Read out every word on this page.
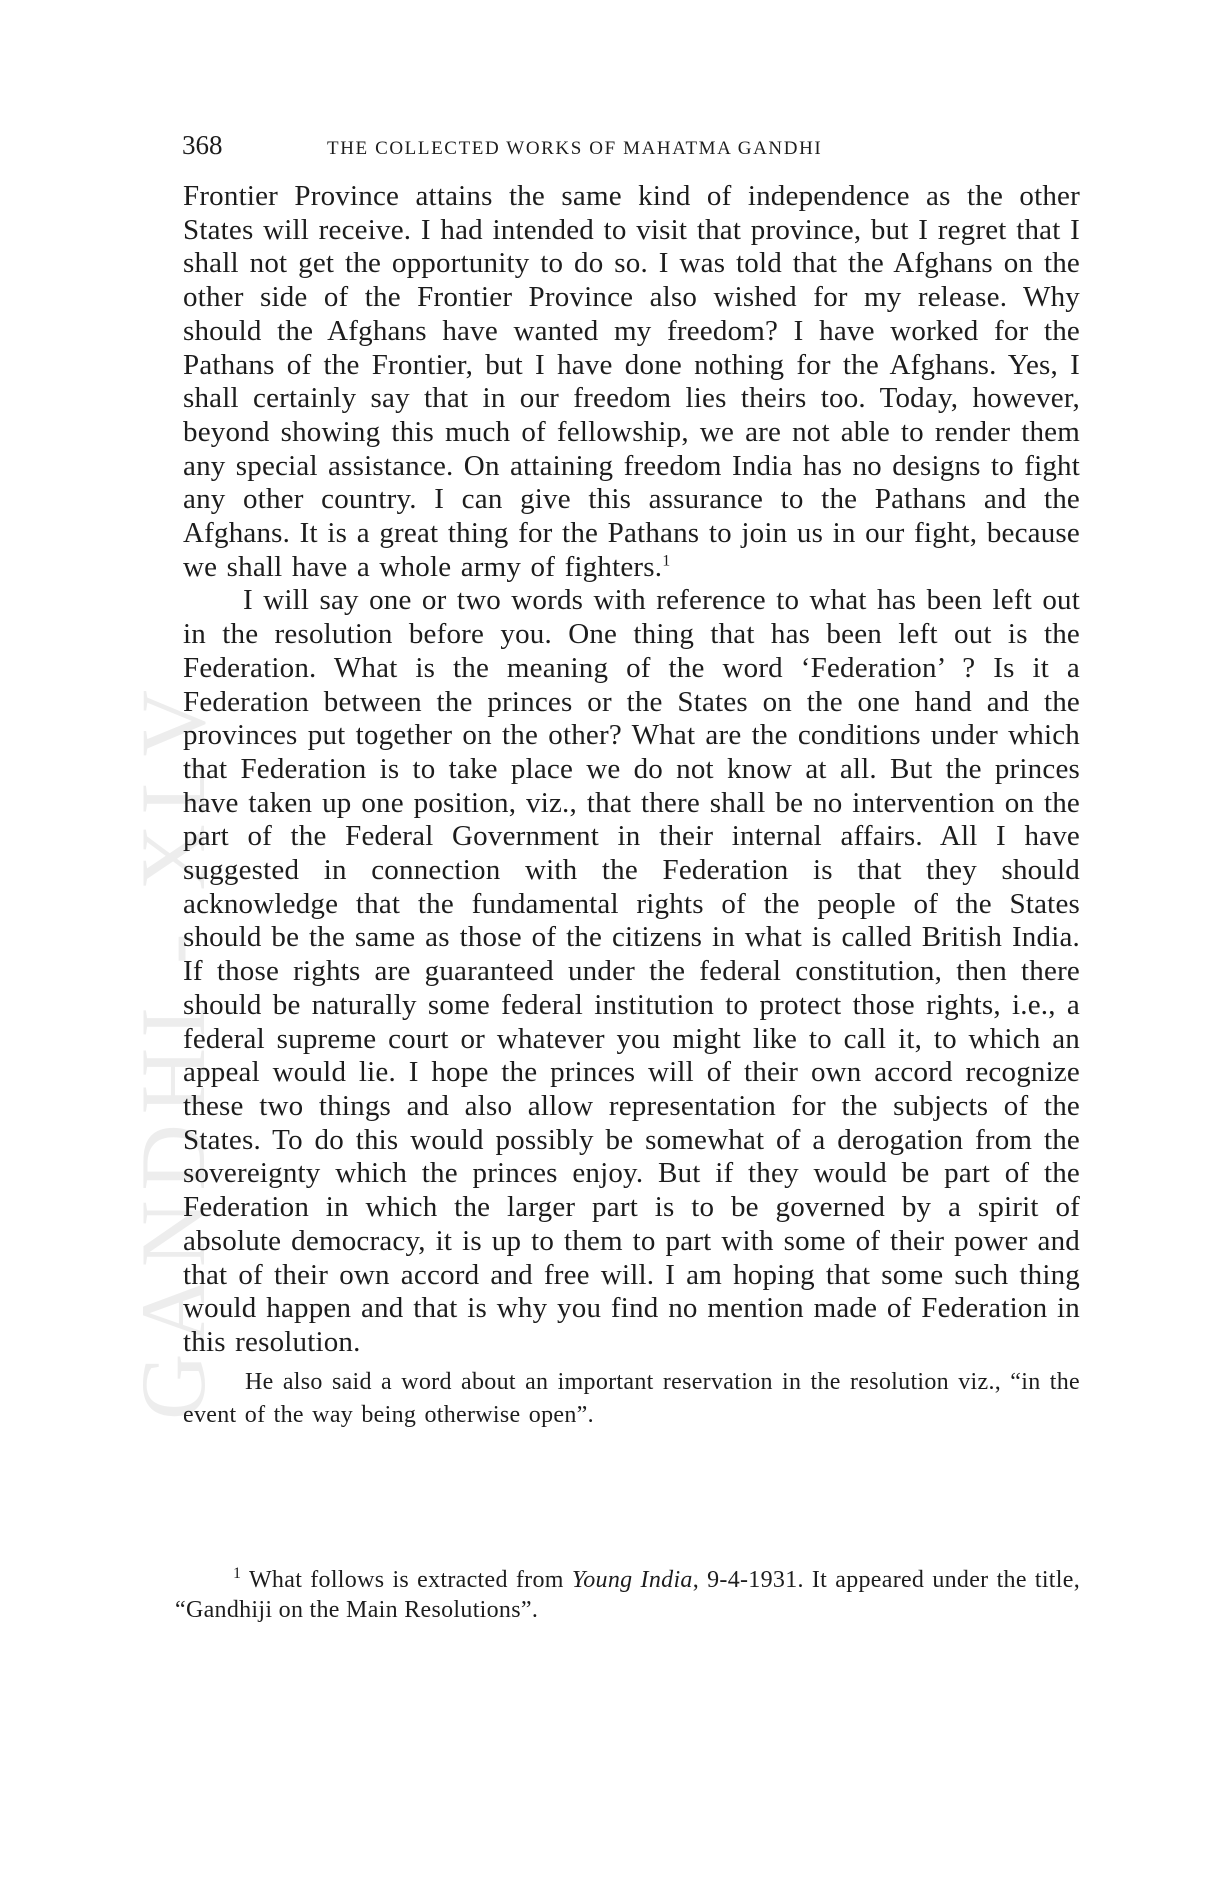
GANDHI - XLV
368	THE COLLECTED WORKS OF MAHATMA GANDHI

Frontier Province attains the same kind of independence as the other States will receive. I had intended to visit that province, but I regret that I shall not get the opportunity to do so. I was told that the Afghans on the other side of the Frontier Province also wished for my release. Why should the Afghans have wanted my freedom? I have worked for the Pathans of the Frontier, but I have done nothing for the Afghans. Yes, I shall certainly say that in our freedom lies theirs too. Today, however, beyond showing this much of fellowship, we are not able to render them any special assistance. On attaining freedom India has no designs to fight any other country. I can give this assurance to the Pathans and the Afghans. It is a great thing for the Pathans to join us in our fight, because we shall have a whole army of fighters.$^1$

I will say one or two words with reference to what has been left out in the resolution before you. One thing that has been left out is the Federation. What is the meaning of the word ‘Federation’ ? Is it a Federation between the princes or the States on the one hand and the provinces put together on the other? What are the conditions under which that Federation is to take place we do not know at all. But the princes have taken up one position, viz., that there shall be no intervention on the part of the Federal Government in their internal affairs. All I have suggested in connection with the Federation is that they should acknowledge that the fundamental rights of the people of the States should be the same as those of the citizens in what is called British India. If those rights are guaranteed under the federal constitution, then there should be naturally some federal institution to protect those rights, i.e., a federal supreme court or whatever you might like to call it, to which an appeal would lie. I hope the princes will of their own accord recognize these two things and also allow representation for the subjects of the States. To do this would possibly be somewhat of a derogation from the sovereignty which the princes enjoy. But if they would be part of the Federation in which the larger part is to be governed by a spirit of absolute democracy, it is up to them to part with some of their power and that of their own accord and free will. I am hoping that some such thing would happen and that is why you find no mention made of Federation in this resolution.

He also said a word about an important reservation in the resolution viz., “in the event of the way being otherwise open”.

$^1$ What follows is extracted from Young India, 9-4-1931. It appeared under the title, “Gandhiji on the Main Resolutions”.
